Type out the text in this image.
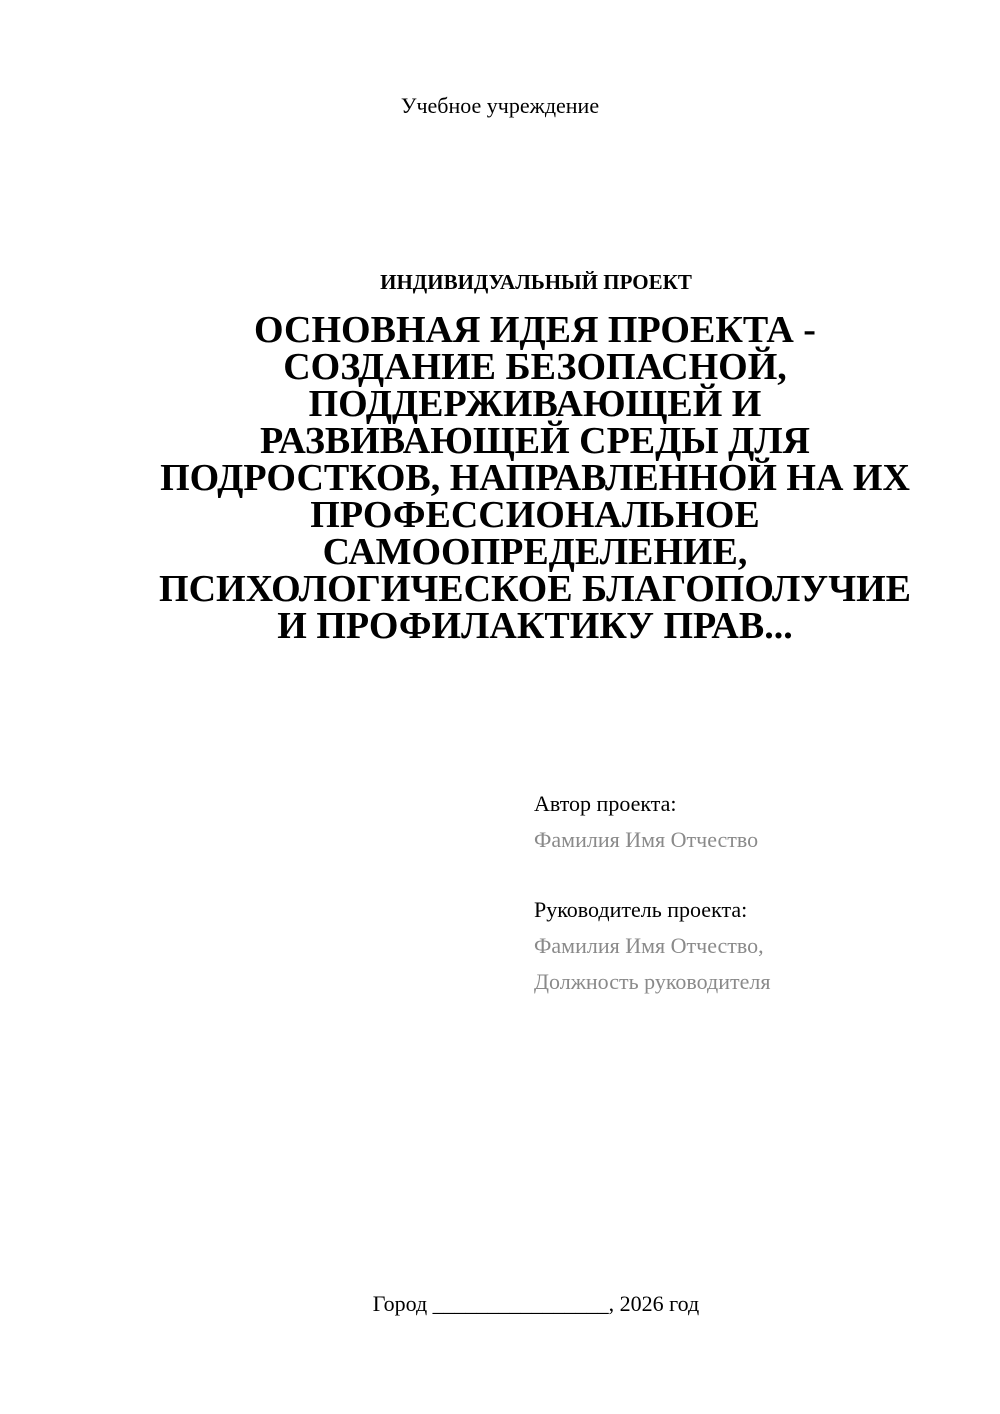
Учебное учреждение
ИНДИВИДУАЛЬНЫЙ ПРОЕКТ
ОСНОВНАЯ ИДЕЯ ПРОЕКТА -
СОЗДАНИЕ БЕЗОПАСНОЙ,
ПОДДЕРЖИВАЮЩЕЙ И
РАЗВИВАЮЩЕЙ СРЕДЫ ДЛЯ
ПОДРОСТКОВ, НАПРАВЛЕННОЙ НА ИХ
ПРОФЕССИОНАЛЬНОЕ
САМООПРЕДЕЛЕНИЕ,
ПСИХОЛОГИЧЕСКОЕ БЛАГОПОЛУЧИЕ
И ПРОФИЛАКТИКУ ПРАВ...
Автор проекта:
Фамилия Имя Отчество
Руководитель проекта:
Фамилия Имя Отчество,
Должность руководителя
Город ________________, 2026 год
